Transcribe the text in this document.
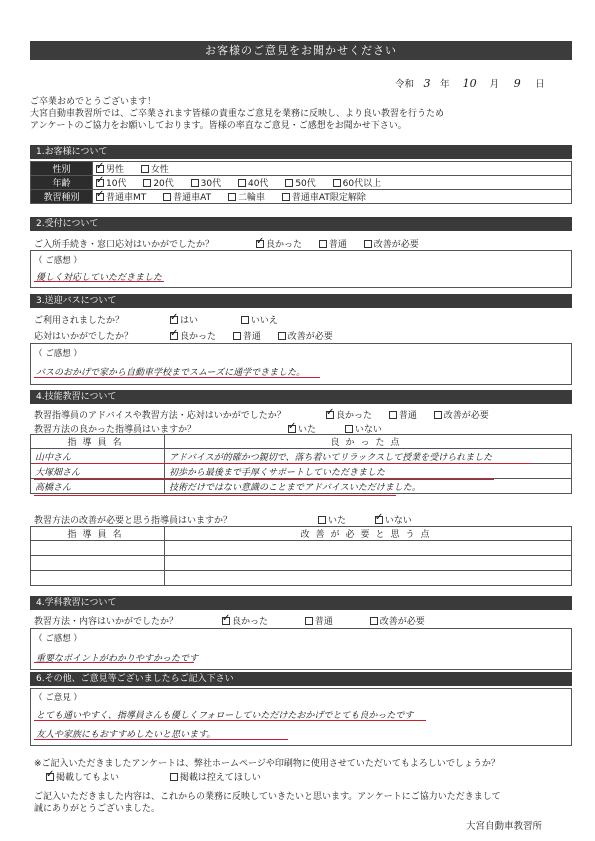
お客様のご意見をお聞かせください
令和 3 年 10 月 9 日
ご卒業おめでとうございます！
大宮自動車教習所では、ご卒業されます皆様の貴重なご意見を業務に反映し、より良い教習を行うため
アンケートのご協力をお願いしております。皆様の率直なご意見・ご感想をお聞かせ下さい。
1.お客様について
性別	✓男性 女性
年齢	✓10代 20代 30代 40代 50代 60代以上
教習種別	✓普通車MT 普通車AT 二輪車 普通車AT限定解除
2.受付について
ご入所手続き・窓口応対はいかがでしたか？ ✓	良かった	普通	改善が必要
（ ご感想 ）
優しく対応していただきました
3.送迎バスについて
ご利用されましたか？ ✓	はい	いいえ
応対はいかがでしたか？ ✓	良かった	普通	改善が必要
（ ご感想 ）
バスのおかげで家から自動車学校までスムーズに通学できました。
4.技能教習について
教習指導員のアドバイスや教習方法・応対はいかがでしたか？ ✓	良かった	普通	改善が必要
教習方法の良かった指導員はいますか？ ✓	いた	いない
指導員名	良かった点
山中さん	アドバイスが的確かつ親切で、落ち着いてリラックスして授業を受けられました
大塚畑さん	初歩から最後まで手厚くサポートしていただきました
高橋さん	技術だけではない意識のことまでアドバイスいただけました。
教習方法の改善が必要と思う指導員はいますか？	いた ✓	いない
指導員名	改善が必要と思う点

4.学科教習について
教習方法・内容はいかがでしたか？ ✓	良かった	普通	改善が必要
（ ご感想 ）
重要なポイントがわかりやすかったです
6.その他、ご意見等ございましたらご記入下さい
（ ご意見 ）
とても通いやすく、指導員さんも優しくフォローしていただけたおかげでとても良かったです
友人や家族にもおすすめしたいと思います。
※ご記入いただきましたアンケートは、弊社ホームページや印刷物に使用させていただいてもよろしいでしょうか？
✓掲載してもよい	掲載は控えてほしい
ご記入いただきました内容は、これからの業務に反映していきたいと思います。アンケートにご協力いただきまして
誠にありがとうございました。
大宮自動車教習所
